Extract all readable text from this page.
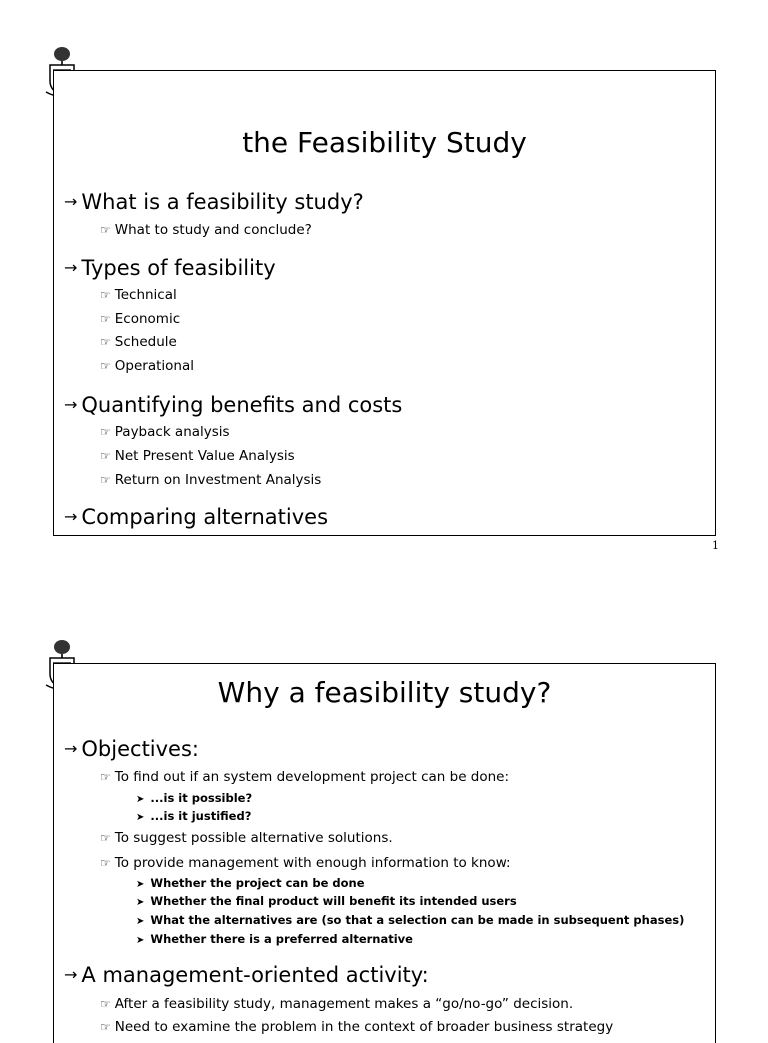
the Feasibility Study
→ What is a feasibility study?
☞ What to study and conclude?
→ Types of feasibility
☞ Technical
☞ Economic
☞ Schedule
☞ Operational
→ Quantifying benefits and costs
☞ Payback analysis
☞ Net Present Value Analysis
☞ Return on Investment Analysis
→ Comparing alternatives
1
Why a feasibility study?
→ Objectives:
☞ To find out if an system development project can be done:
➤ ...is it possible?
➤ ...is it justified?
☞ To suggest possible alternative solutions.
☞ To provide management with enough information to know:
➤ Whether the project can be done
➤ Whether the final product will benefit its intended users
➤ What the alternatives are (so that a selection can be made in subsequent phases)
➤ Whether there is a preferred alternative
→ A management-oriented activity:
☞ After a feasibility study, management makes a “go/no-go” decision.
☞ Need to examine the problem in the context of broader business strategy
